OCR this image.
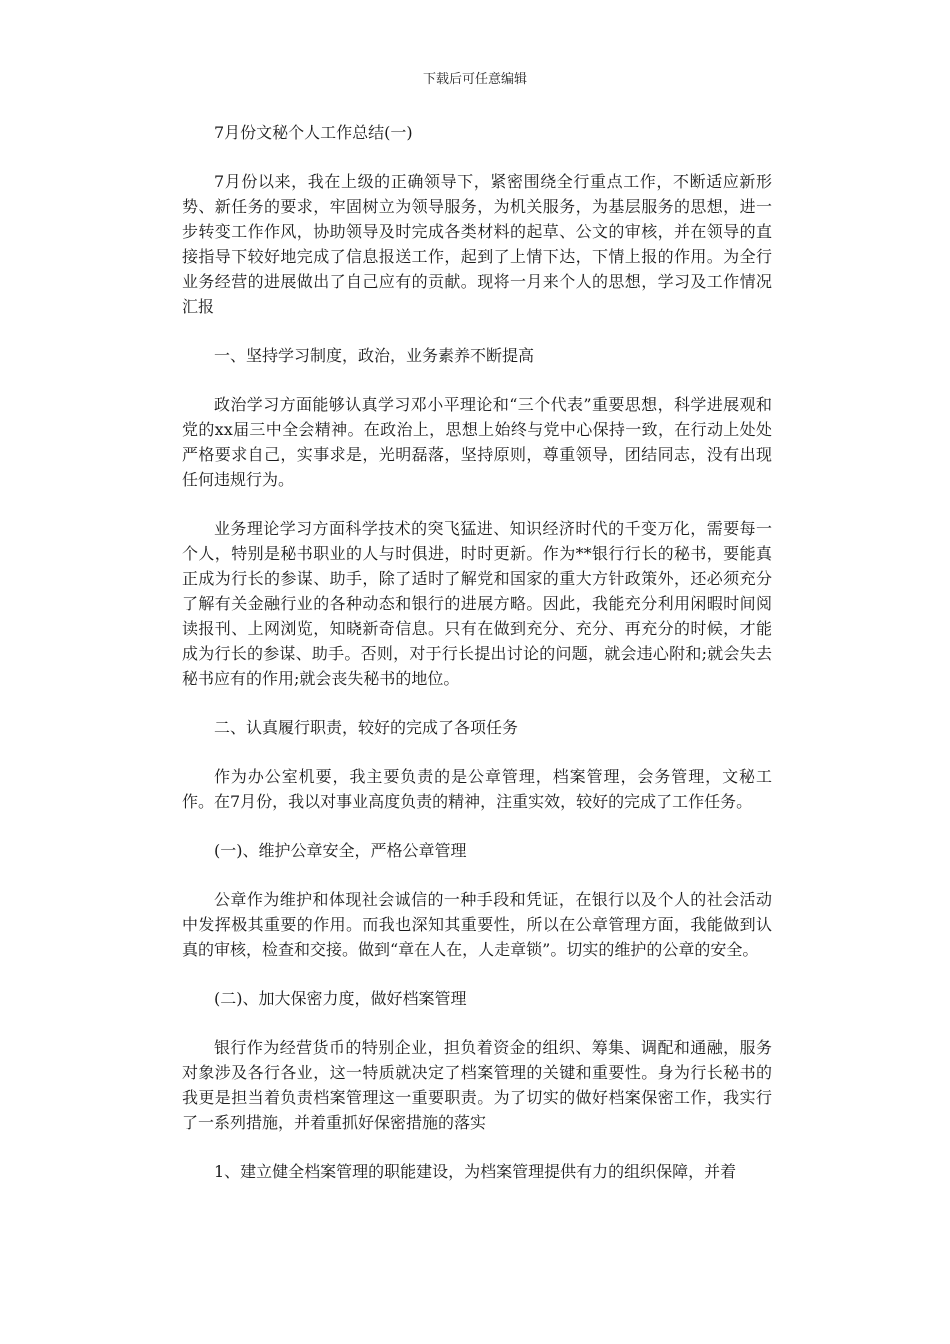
下载后可任意编辑

7月份文秘个人工作总结(一)

7月份以来，我在上级的正确领导下，紧密围绕全行重点工作，不断适应新形势、新任务的要求，牢固树立为领导服务，为机关服务，为基层服务的思想，进一步转变工作作风，协助领导及时完成各类材料的起草、公文的审核，并在领导的直接指导下较好地完成了信息报送工作，起到了上情下达，下情上报的作用。为全行业务经营的进展做出了自己应有的贡献。现将一月来个人的思想，学习及工作情况汇报

一、坚持学习制度，政治，业务素养不断提高

政治学习方面能够认真学习邓小平理论和“三个代表”重要思想，科学进展观和党的xx届三中全会精神。在政治上，思想上始终与党中心保持一致，在行动上处处严格要求自己，实事求是，光明磊落，坚持原则，尊重领导，团结同志，没有出现任何违规行为。

业务理论学习方面科学技术的突飞猛进、知识经济时代的千变万化，需要每一个人，特别是秘书职业的人与时俱进，时时更新。作为**银行行长的秘书，要能真正成为行长的参谋、助手，除了适时了解党和国家的重大方针政策外，还必须充分了解有关金融行业的各种动态和银行的进展方略。因此，我能充分利用闲暇时间阅读报刊、上网浏览，知晓新奇信息。只有在做到充分、充分、再充分的时候，才能成为行长的参谋、助手。否则，对于行长提出讨论的问题，就会违心附和;就会失去秘书应有的作用;就会丧失秘书的地位。

二、认真履行职责，较好的完成了各项任务

作为办公室机要，我主要负责的是公章管理，档案管理，会务管理，文秘工作。在7月份，我以对事业高度负责的精神，注重实效，较好的完成了工作任务。

(一)、维护公章安全，严格公章管理

公章作为维护和体现社会诚信的一种手段和凭证，在银行以及个人的社会活动中发挥极其重要的作用。而我也深知其重要性，所以在公章管理方面，我能做到认真的审核，检查和交接。做到“章在人在，人走章锁”。切实的维护的公章的安全。

(二)、加大保密力度，做好档案管理

银行作为经营货币的特别企业，担负着资金的组织、筹集、调配和通融，服务对象涉及各行各业，这一特质就决定了档案管理的关键和重要性。身为行长秘书的我更是担当着负责档案管理这一重要职责。为了切实的做好档案保密工作，我实行了一系列措施，并着重抓好保密措施的落实

1、建立健全档案管理的职能建设，为档案管理提供有力的组织保障，并着
